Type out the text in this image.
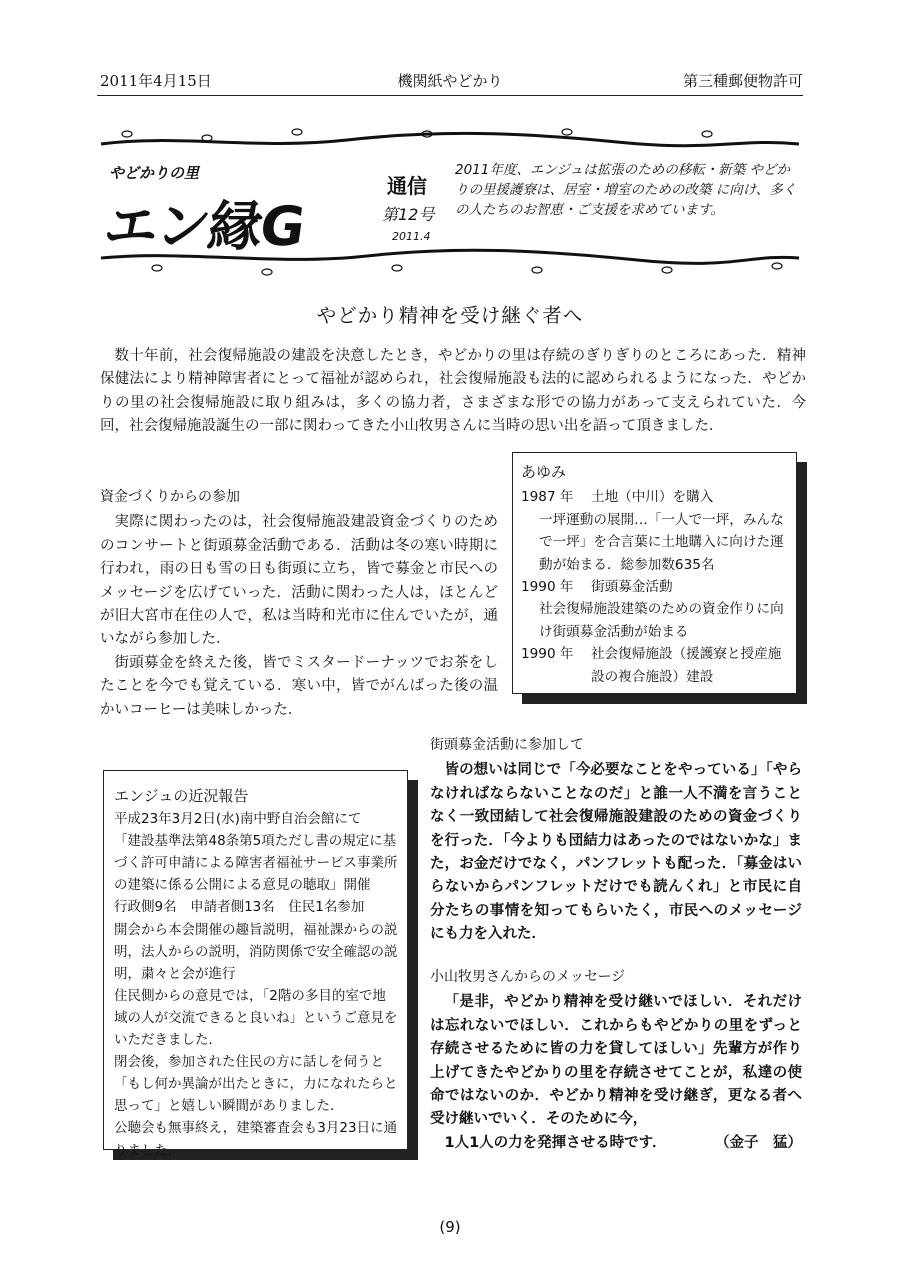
2011年4月15日	機関紙やどかり	第三種郵便物許可
やどかりの里
エン縁G
通信
第12号
2011.4
2011年度、エンジュは拡張のための移転・新築 やどかりの里援護寮は、居室・増室のための改築 に向け、多くの人たちのお智恵・ご支援を求めています。
やどかり精神を受け継ぐ者へ

数十年前，社会復帰施設の建設を決意したとき，やどかりの里は存続のぎりぎりのところにあった．精神保健法により精神障害者にとって福祉が認められ，社会復帰施設も法的に認められるようになった．やどかりの里の社会復帰施設に取り組みは，多くの協力者，さまざまな形での協力があって支えられていた．今回，社会復帰施設誕生の一部に関わってきた小山牧男さんに当時の思い出を語って頂きました．

資金づくりからの参加

実際に関わったのは，社会復帰施設建設資金づくりのためのコンサートと街頭募金活動である．活動は冬の寒い時期に行われ，雨の日も雪の日も街頭に立ち，皆で募金と市民へのメッセージを広げていった．活動に関わった人は，ほとんどが旧大宮市在住の人で，私は当時和光市に住んでいたが，通いながら参加した．

街頭募金を終えた後，皆でミスタードーナッツでお茶をしたことを今でも覚えている．寒い中，皆でがんばった後の温かいコーヒーは美味しかった．

あゆみ
1987 年	土地（中川）を購入
一坪運動の展開…「一人で一坪，みんなで一坪」を合言葉に土地購入に向けた運動が始まる．総参加数635名
1990 年	街頭募金活動
社会復帰施設建築のための資金作りに向け街頭募金活動が始まる
1990 年	社会復帰施設（援護寮と授産施設の複合施設）建設
エンジュの近況報告

平成23年3月2日(水)南中野自治会館にて

「建設基準法第48条第5項ただし書の規定に基づく許可申請による障害者福祉サービス事業所の建築に係る公開による意見の聴取」開催

行政側9名　申請者側13名　住民1名参加

開会から本会開催の趣旨説明，福祉課からの説明，法人からの説明，消防関係で安全確認の説明，粛々と会が進行

住民側からの意見では，「2階の多目的室で地域の人が交流できると良いね」というご意見をいただきました．

閉会後，参加された住民の方に話しを伺うと「もし何か異論が出たときに，力になれたらと思って」と嬉しい瞬間がありました．

公聴会も無事終え，建築審査会も3月23日に通りました．

街頭募金活動に参加して

皆の想いは同じで「今必要なことをやっている」「やらなければならないことなのだ」と誰一人不満を言うことなく一致団結して社会復帰施設建設のための資金づくりを行った．「今よりも団結力はあったのではないかな」また，お金だけでなく，パンフレットも配った．「募金はいらないからパンフレットだけでも読んくれ」と市民に自分たちの事情を知ってもらいたく，市民へのメッセージにも力を入れた．

小山牧男さんからのメッセージ

「是非，やどかり精神を受け継いでほしい．それだけは忘れないでほしい．これからもやどかりの里をずっと存続させるために皆の力を貸してほしい」先輩方が作り上げてきたやどかりの里を存続させてことが，私達の使命ではないのか．やどかり精神を受け継ぎ，更なる者へ受け継いでいく．そのために今，

1人1人の力を発揮させる時です．	（金子　猛）
(9)
